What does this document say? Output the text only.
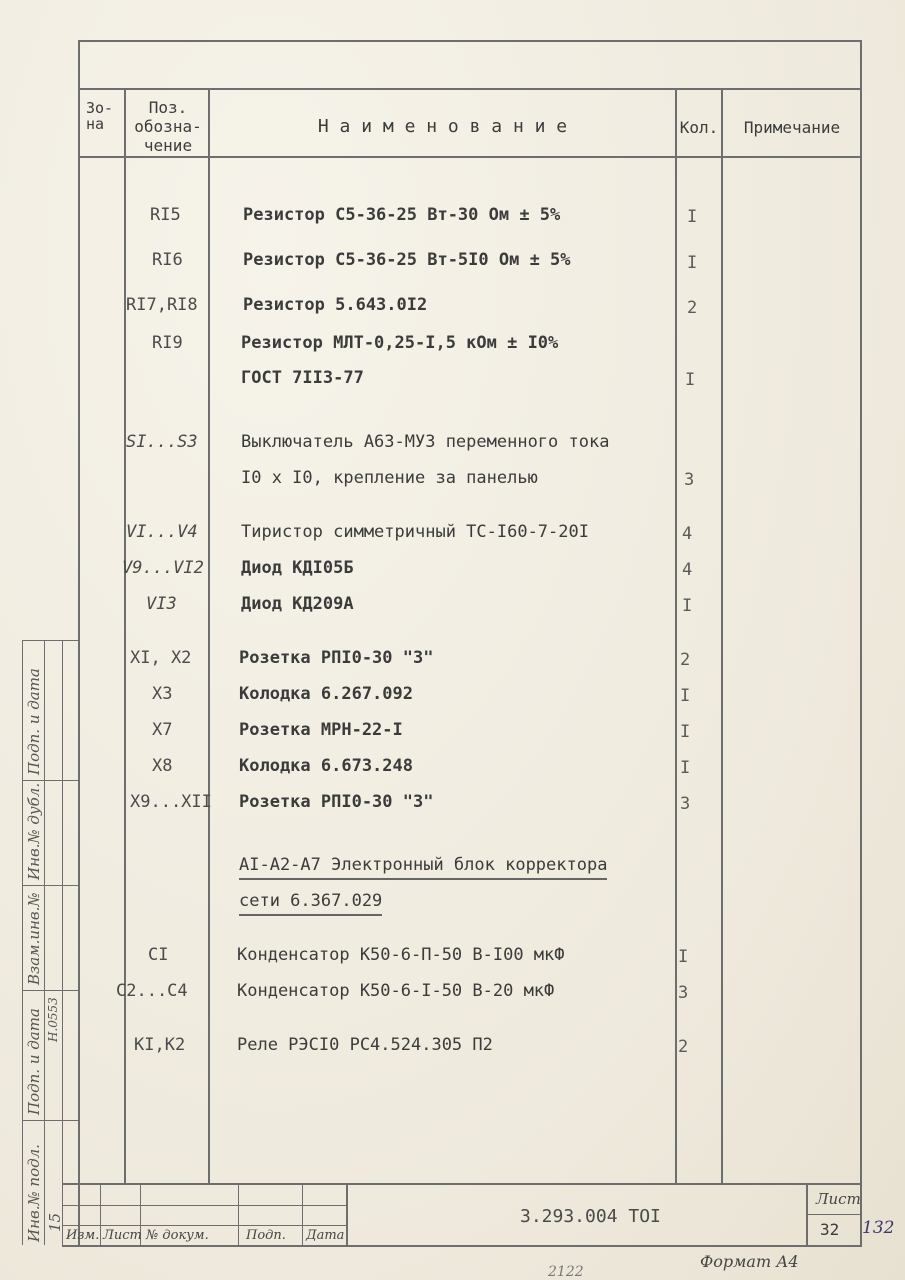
Зо-на
Поз.
обозна-
чение
Н а и м е н о в а н и е	Кол.	Примечание
RI5	Резистор С5-36-25 Вт-30 Ом ± 5%	I
RI6	Резистор С5-36-25 Вт-5I0 Ом ± 5%	I
RI7,RI8	Резистор 5.643.0I2	2
RI9	Резистор МЛТ-0,25-I,5 кОм ± I0%
ГОСТ 7II3-77	I
SI...S3	Выключатель А63-МУЗ переменного тока
I0 х I0, крепление за панелью	3
VI...V4	Тиристор симметричный ТС-I60-7-20I	4
V9...VI2 Диод КДI05Б	4
VI3	Диод КД209А	I
XI, X2	Розетка РПI0-30 "З"	2
X3	Колодка 6.267.092	I
X7	Розетка МРН-22-I	I
X8	Колодка 6.673.248	I
X9...XII Розетка РПI0-30 "З"	3
АI-А2-А7 Электронный блок корректора
сети 6.367.029
CI	Конденсатор К50-6-П-50 В-I00 мкФ	I
C2...C4	Конденсатор К50-6-I-50 В-20 мкФ	3
KI,K2	Реле РЭСI0 РС4.524.305 П2	2
Изм. Лист № докум.	Подп. Дата
3.293.004 ТОI
Лист
32 132
Формат А4
2122
Инв.№ подл.
Подп. и дата
Взам.инв.№
Инв.№ дубл.
Подп. и дата
15
Н.0553
